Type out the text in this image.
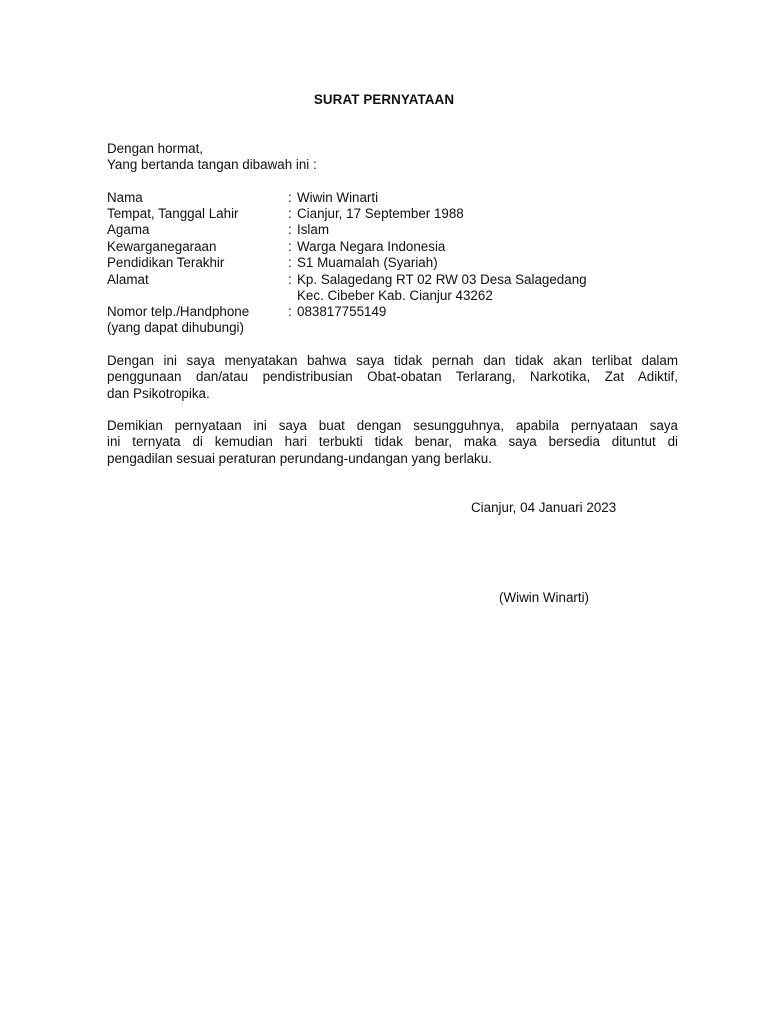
SURAT PERNYATAAN
Dengan hormat,
Yang bertanda tangan dibawah ini :
Nama	: Wiwin Winarti
Tempat, Tanggal Lahir	: Cianjur, 17 September 1988
Agama	: Islam
Kewarganegaraan	: Warga Negara Indonesia
Pendidikan Terakhir	: S1 Muamalah (Syariah)
Alamat	: Kp. Salagedang RT 02 RW 03 Desa Salagedang
Kec. Cibeber Kab. Cianjur 43262
Nomor telp./Handphone	: 083817755149
(yang dapat dihubungi)
Dengan ini saya menyatakan bahwa saya tidak pernah dan tidak akan terlibat dalam
penggunaan dan/atau pendistribusian Obat-obatan Terlarang, Narkotika, Zat Adiktif,
dan Psikotropika.
Demikian pernyataan ini saya buat dengan sesungguhnya, apabila pernyataan saya
ini ternyata di kemudian hari terbukti tidak benar, maka saya bersedia dituntut di
pengadilan sesuai peraturan perundang-undangan yang berlaku.
Cianjur, 04 Januari 2023
(Wiwin Winarti)
